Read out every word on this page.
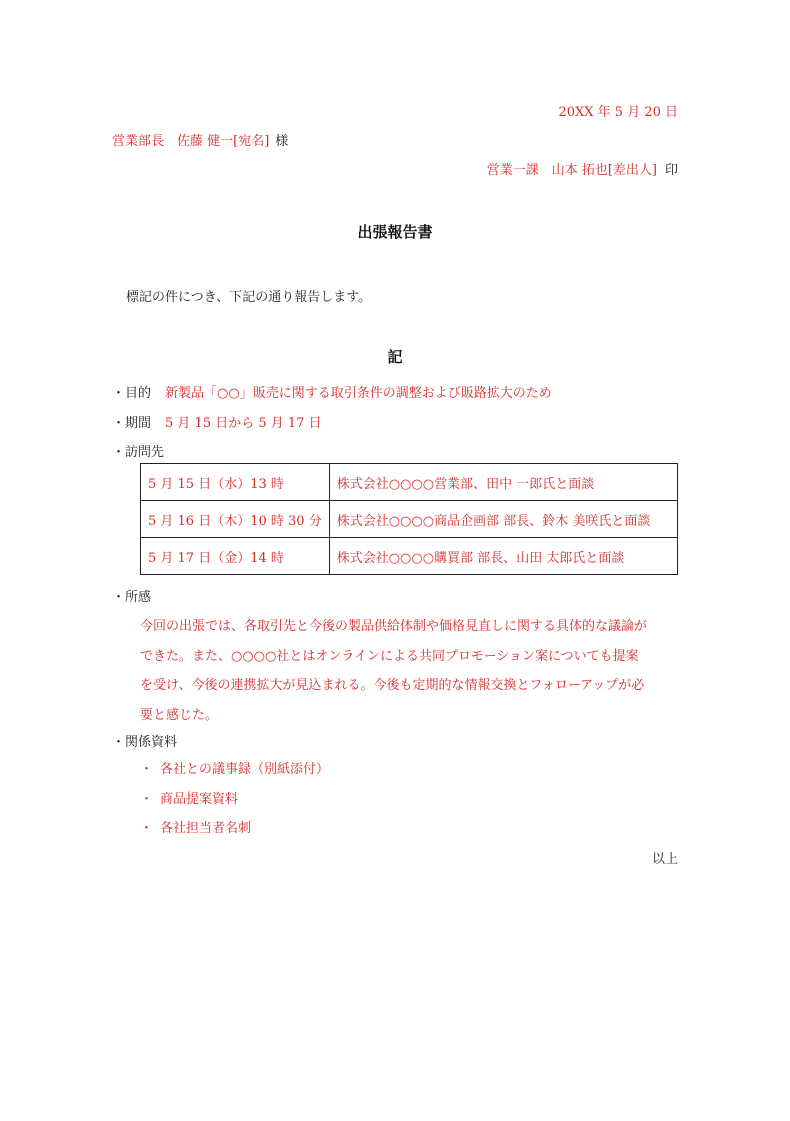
20XX 年 5 月 20 日
営業部長　佐藤 健一[宛名] 様
営業一課　山本 拓也[差出人] 印
出張報告書
標記の件につき、下記の通り報告します。
記
・目的 新製品「○○」販売に関する取引条件の調整および販路拡大のため
・期間 5 月 15 日から 5 月 17 日
・訪問先
5 月 15 日（水）13 時	株式会社○○○○営業部、田中 一郎氏と面談
5 月 16 日（木）10 時 30 分	株式会社○○○○商品企画部 部長、鈴木 美咲氏と面談
5 月 17 日（金）14 時	株式会社○○○○購買部 部長、山田 太郎氏と面談
・所感
今回の出張では、各取引先と今後の製品供給体制や価格見直しに関する具体的な議論が
できた。また、○○○○社とはオンラインによる共同プロモーション案についても提案
を受け、今後の連携拡大が見込まれる。今後も定期的な情報交換とフォローアップが必
要と感じた。
・関係資料
・ 各社との議事録（別紙添付）
・ 商品提案資料
・ 各社担当者名刺
以上
